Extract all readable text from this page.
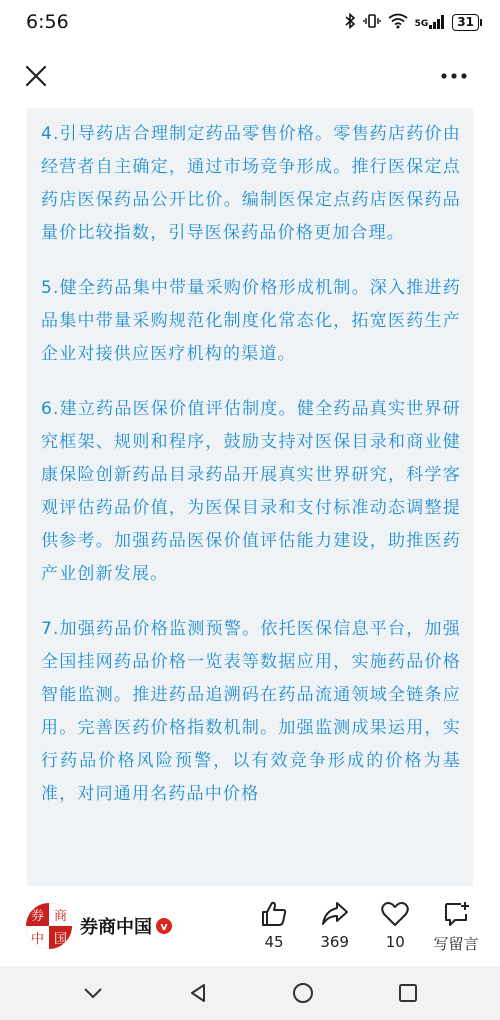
6:56	5G	31

4.引导药店合理制定药品零售价格。零售药店药价由经营者自主确定，通过市场竞争形成。推行医保定点药店医保药品公开比价。编制医保定点药店医保药品量价比较指数，引导医保药品价格更加合理。

5.健全药品集中带量采购价格形成机制。深入推进药品集中带量采购规范化制度化常态化，拓宽医药生产企业对接供应医疗机构的渠道。

6.建立药品医保价值评估制度。健全药品真实世界研究框架、规则和程序，鼓励支持对医保目录和商业健康保险创新药品目录药品开展真实世界研究，科学客观评估药品价值，为医保目录和支付标准动态调整提供参考。加强药品医保价值评估能力建设，助推医药产业创新发展。

7.加强药品价格监测预警。依托医保信息平台，加强全国挂网药品价格一览表等数据应用，实施药品价格智能监测。推进药品追溯码在药品流通领域全链条应用。完善医药价格指数机制。加强监测成果运用，实行药品价格风险预警，以有效竞争形成的价格为基准，对同通用名药品中价格

券 商
中 国
券商中国 v
45 369 10 写留言
